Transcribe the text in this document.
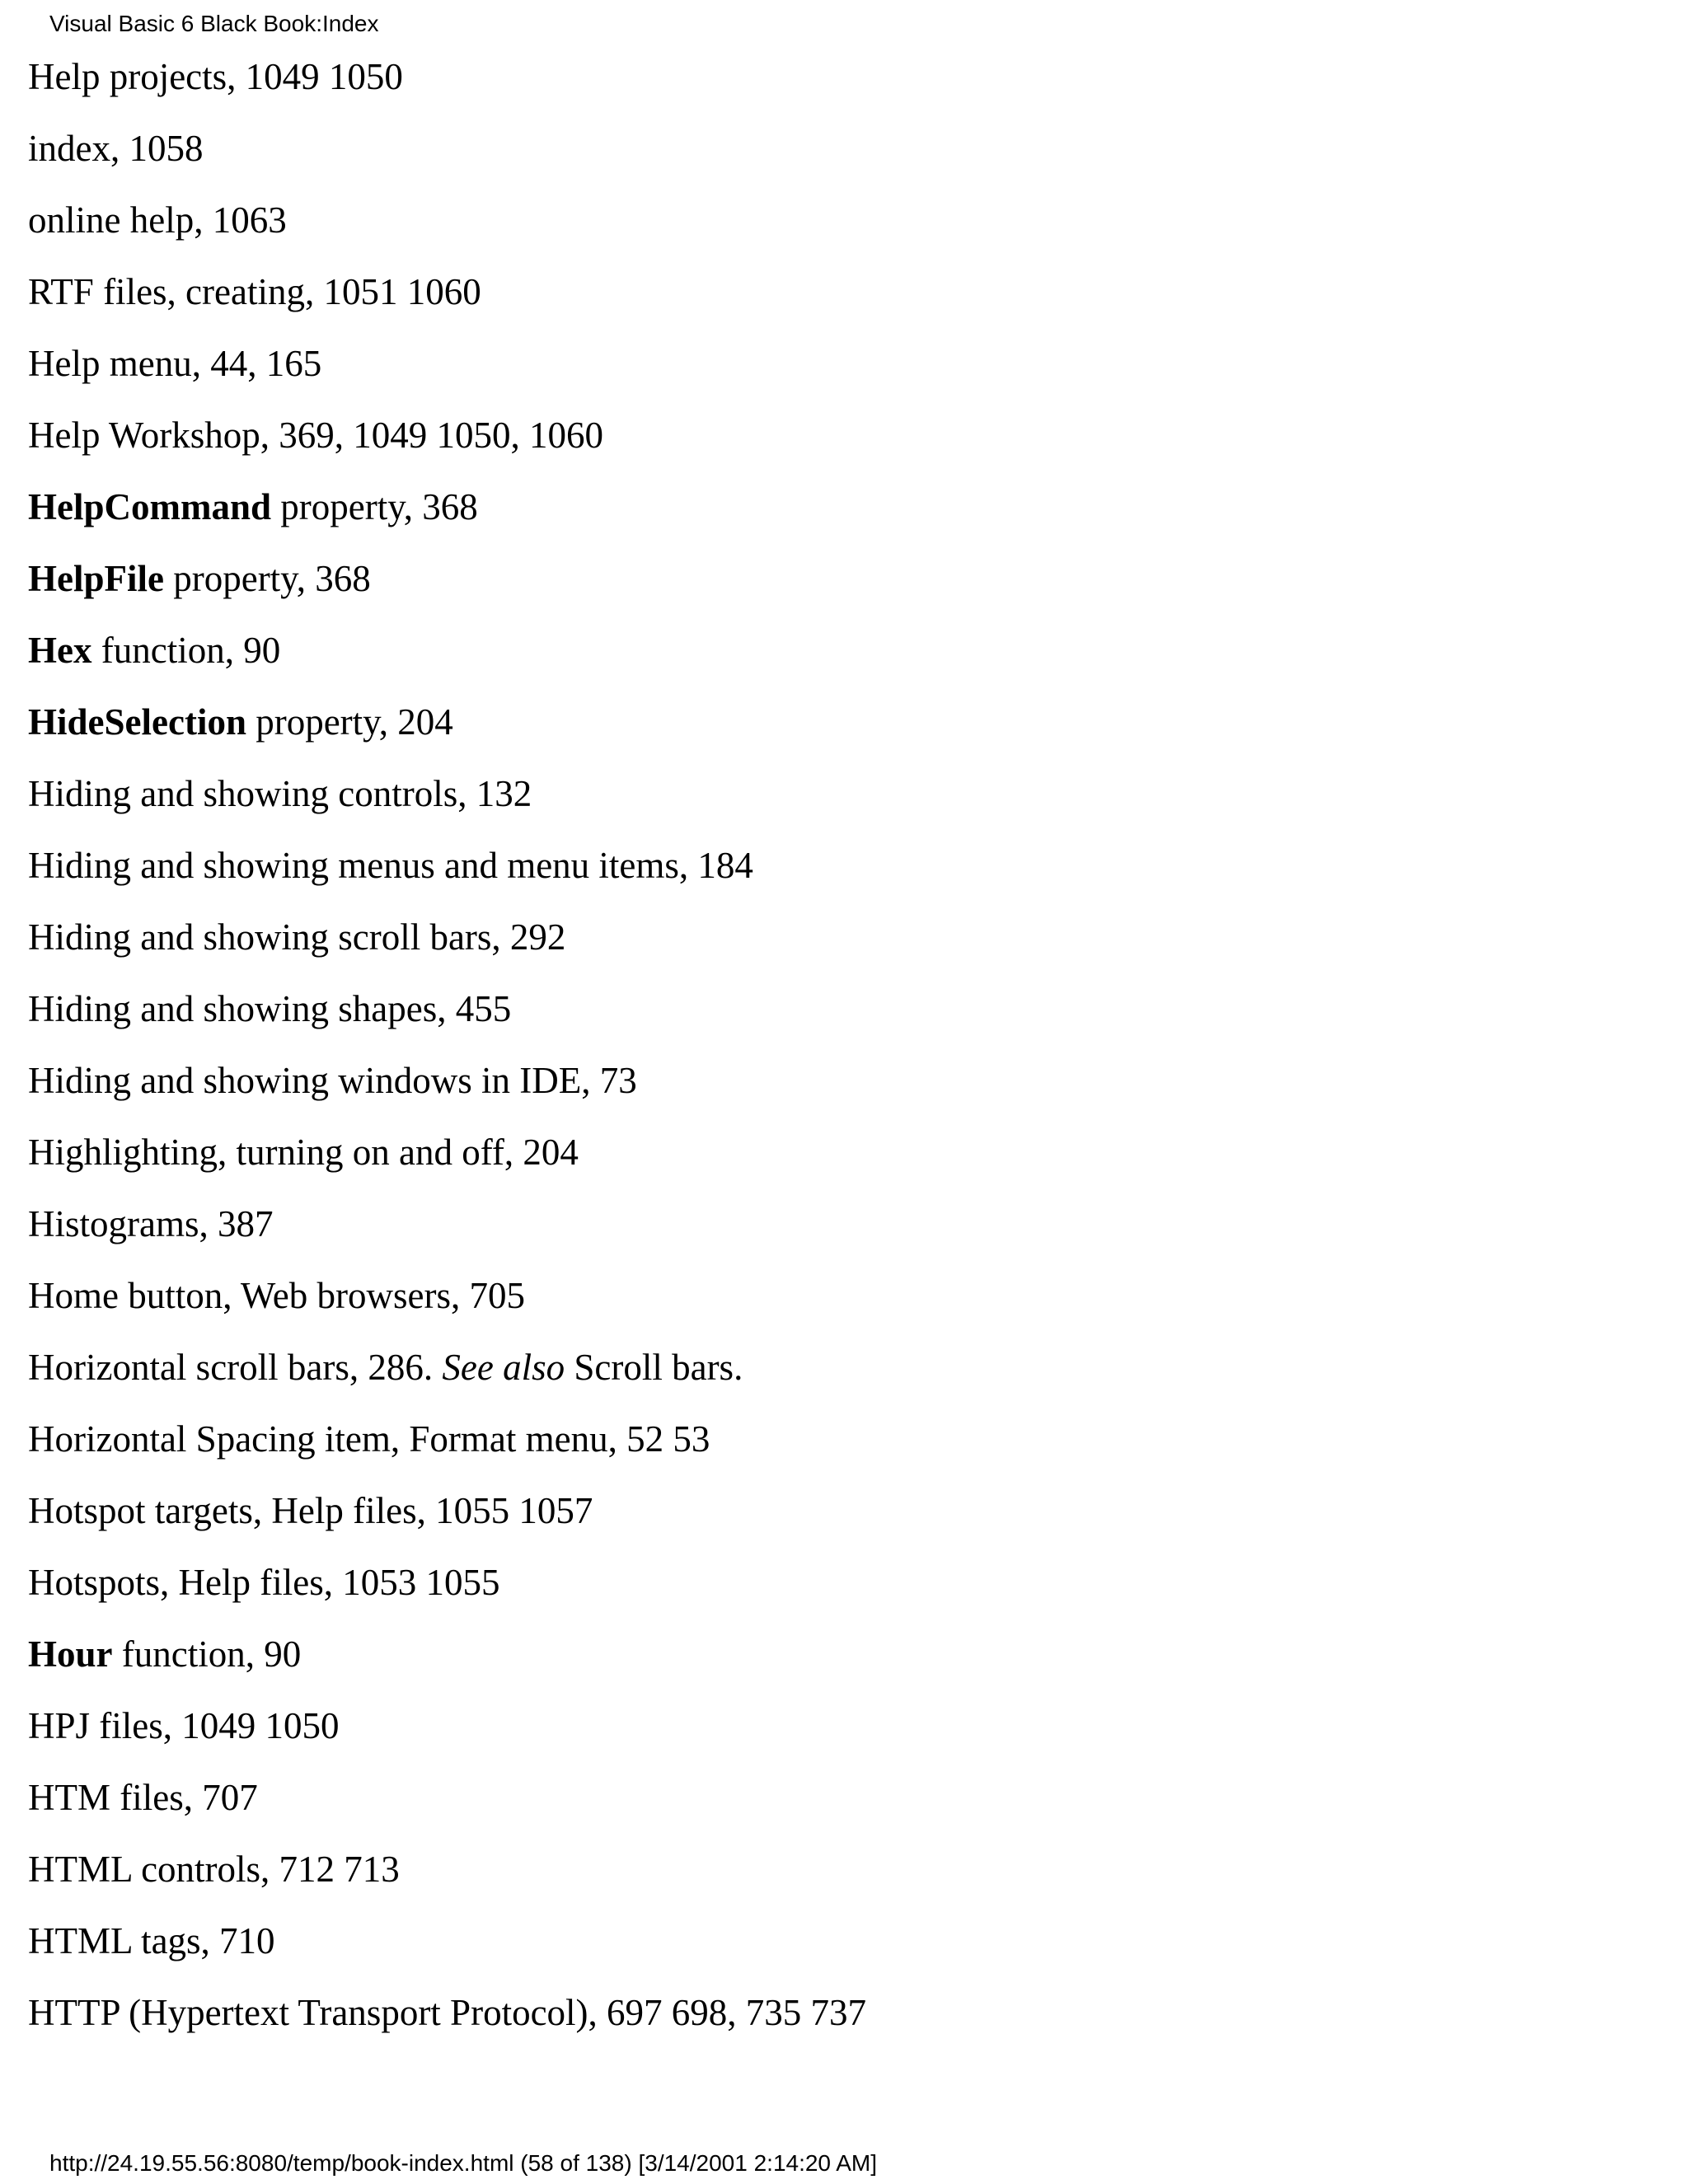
Visual Basic 6 Black Book:Index
Help projects, 1049 1050
index, 1058
online help, 1063
RTF files, creating, 1051 1060
Help menu, 44, 165
Help Workshop, 369, 1049 1050, 1060
HelpCommand property, 368
HelpFile property, 368
Hex function, 90
HideSelection property, 204
Hiding and showing controls, 132
Hiding and showing menus and menu items, 184
Hiding and showing scroll bars, 292
Hiding and showing shapes, 455
Hiding and showing windows in IDE, 73
Highlighting, turning on and off, 204
Histograms, 387
Home button, Web browsers, 705
Horizontal scroll bars, 286. See also Scroll bars.
Horizontal Spacing item, Format menu, 52 53
Hotspot targets, Help files, 1055 1057
Hotspots, Help files, 1053 1055
Hour function, 90
HPJ files, 1049 1050
HTM files, 707
HTML controls, 712 713
HTML tags, 710
HTTP (Hypertext Transport Protocol), 697 698, 735 737
http://24.19.55.56:8080/temp/book-index.html (58 of 138) [3/14/2001 2:14:20 AM]
